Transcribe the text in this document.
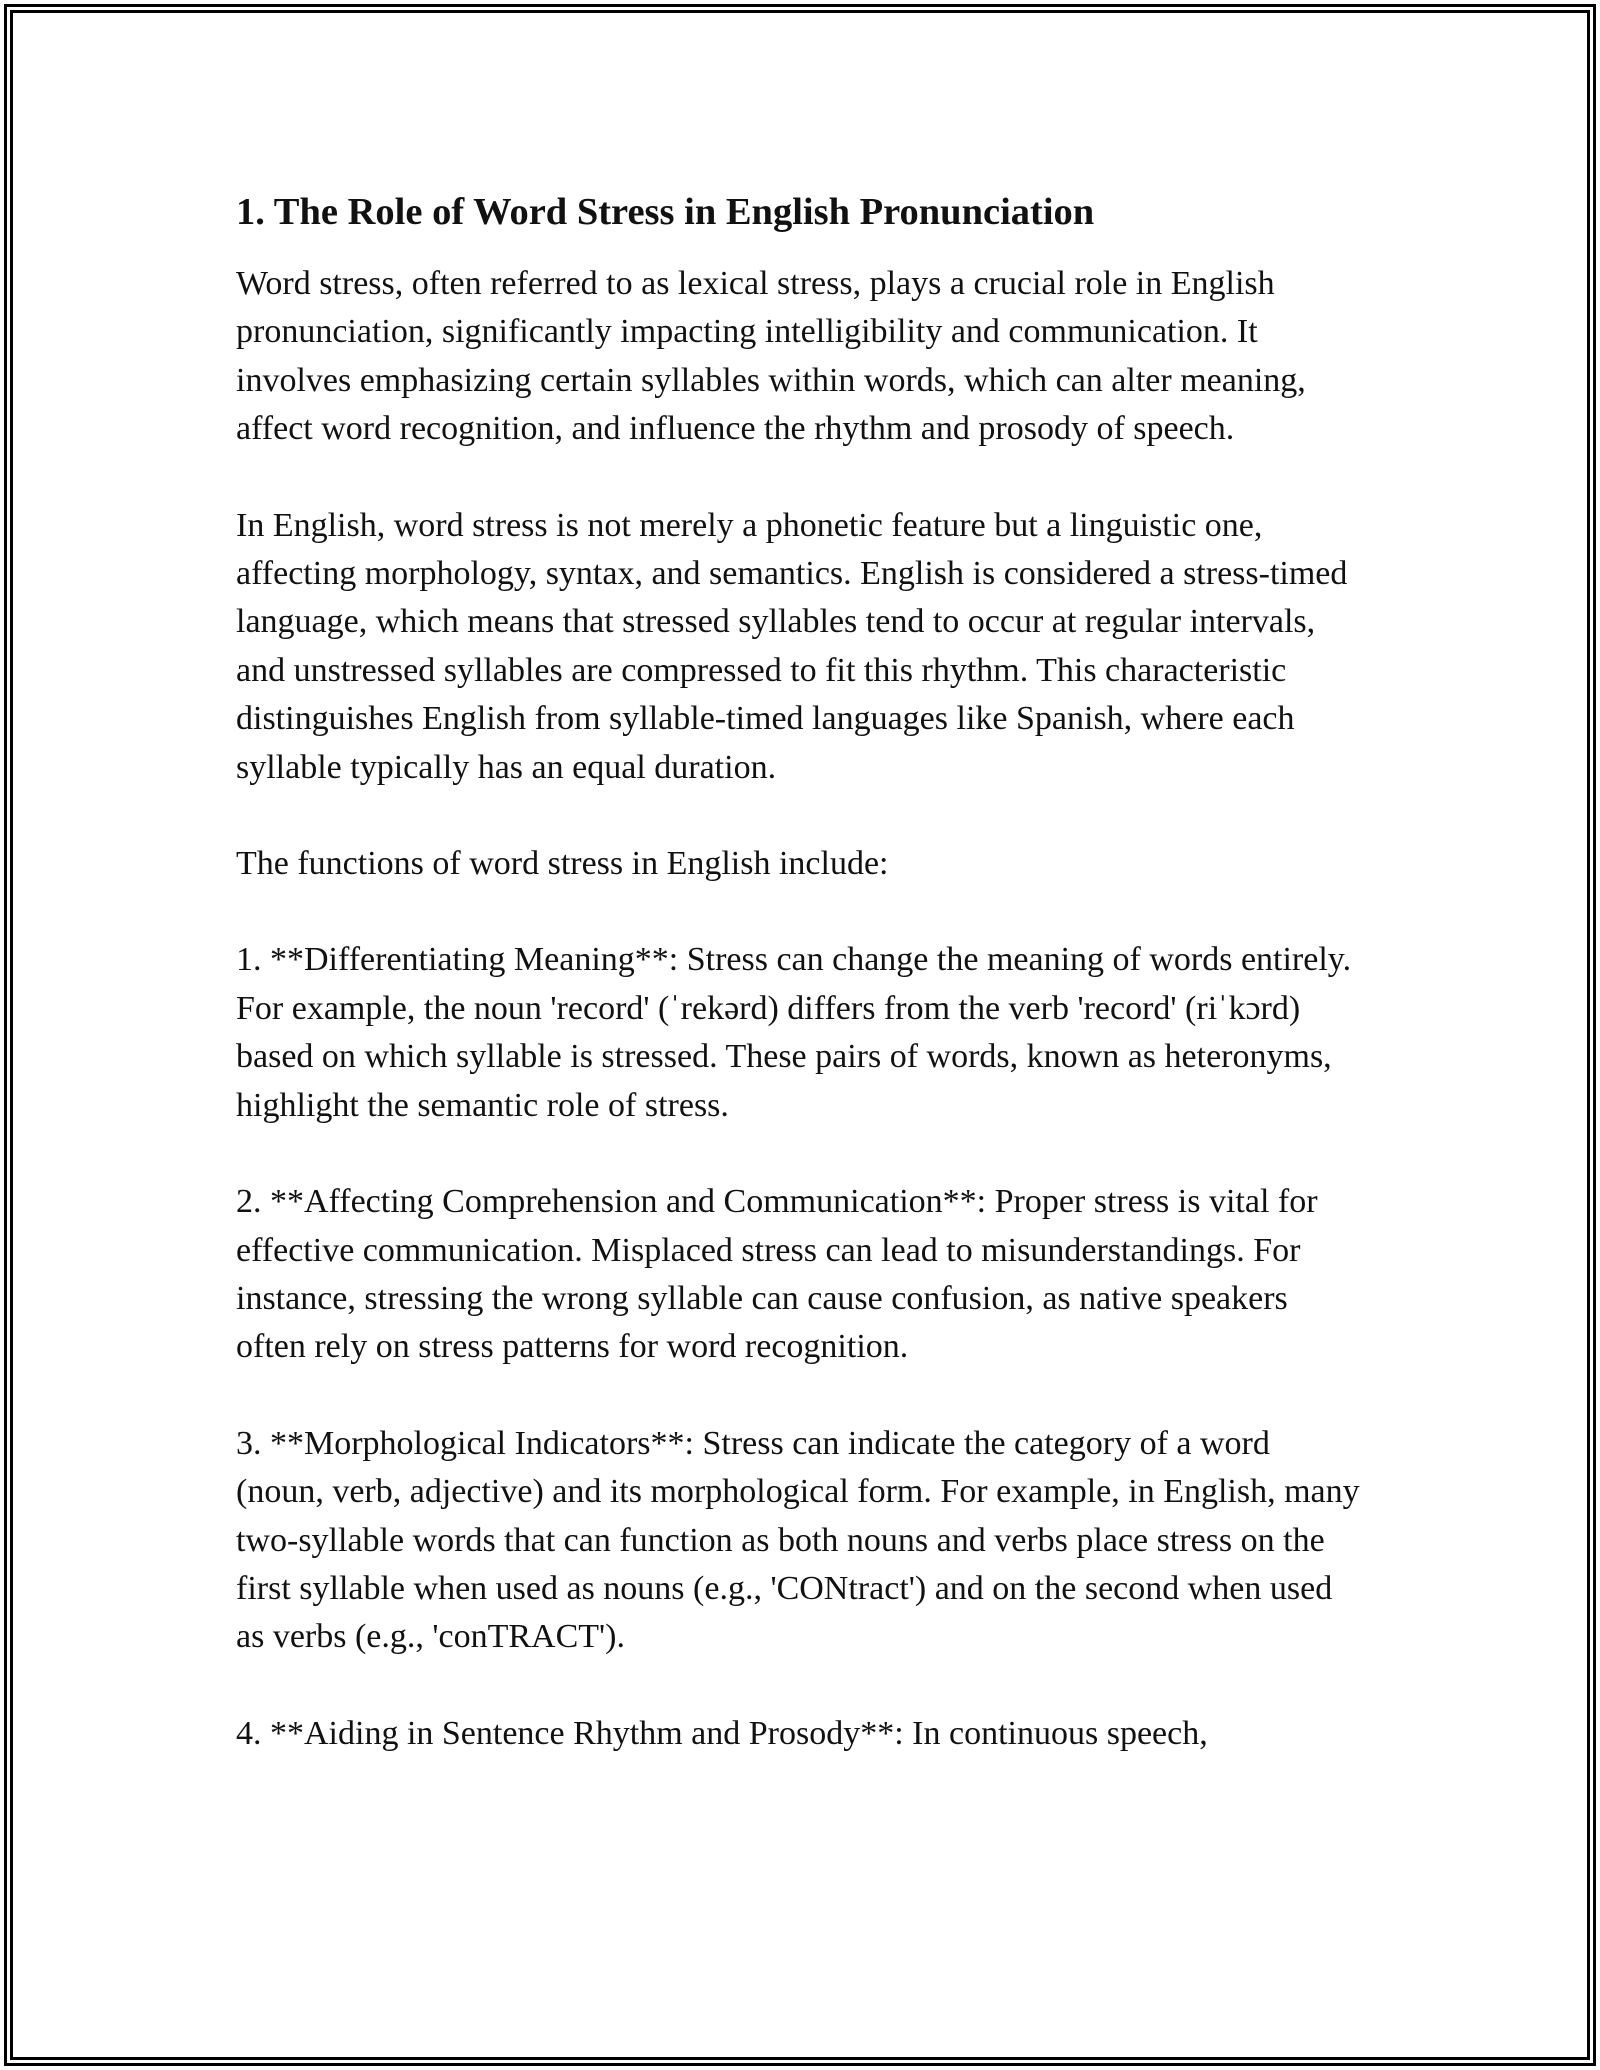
1. The Role of Word Stress in English Pronunciation

Word stress, often referred to as lexical stress, plays a crucial role in English pronunciation, significantly impacting intelligibility and communication. It involves emphasizing certain syllables within words, which can alter meaning, affect word recognition, and influence the rhythm and prosody of speech.

In English, word stress is not merely a phonetic feature but a linguistic one, affecting morphology, syntax, and semantics. English is considered a stress-timed language, which means that stressed syllables tend to occur at regular intervals, and unstressed syllables are compressed to fit this rhythm. This characteristic distinguishes English from syllable-timed languages like Spanish, where each syllable typically has an equal duration.

The functions of word stress in English include:

1. **Differentiating Meaning**: Stress can change the meaning of words entirely. For example, the noun 'record' (ˈrekərd) differs from the verb 'record' (riˈkɔrd) based on which syllable is stressed. These pairs of words, known as heteronyms, highlight the semantic role of stress.

2. **Affecting Comprehension and Communication**: Proper stress is vital for effective communication. Misplaced stress can lead to misunderstandings. For instance, stressing the wrong syllable can cause confusion, as native speakers often rely on stress patterns for word recognition.

3. **Morphological Indicators**: Stress can indicate the category of a word (noun, verb, adjective) and its morphological form. For example, in English, many two-syllable words that can function as both nouns and verbs place stress on the first syllable when used as nouns (e.g., 'CONtract') and on the second when used as verbs (e.g., 'conTRACT').

4. **Aiding in Sentence Rhythm and Prosody**: In continuous speech,
